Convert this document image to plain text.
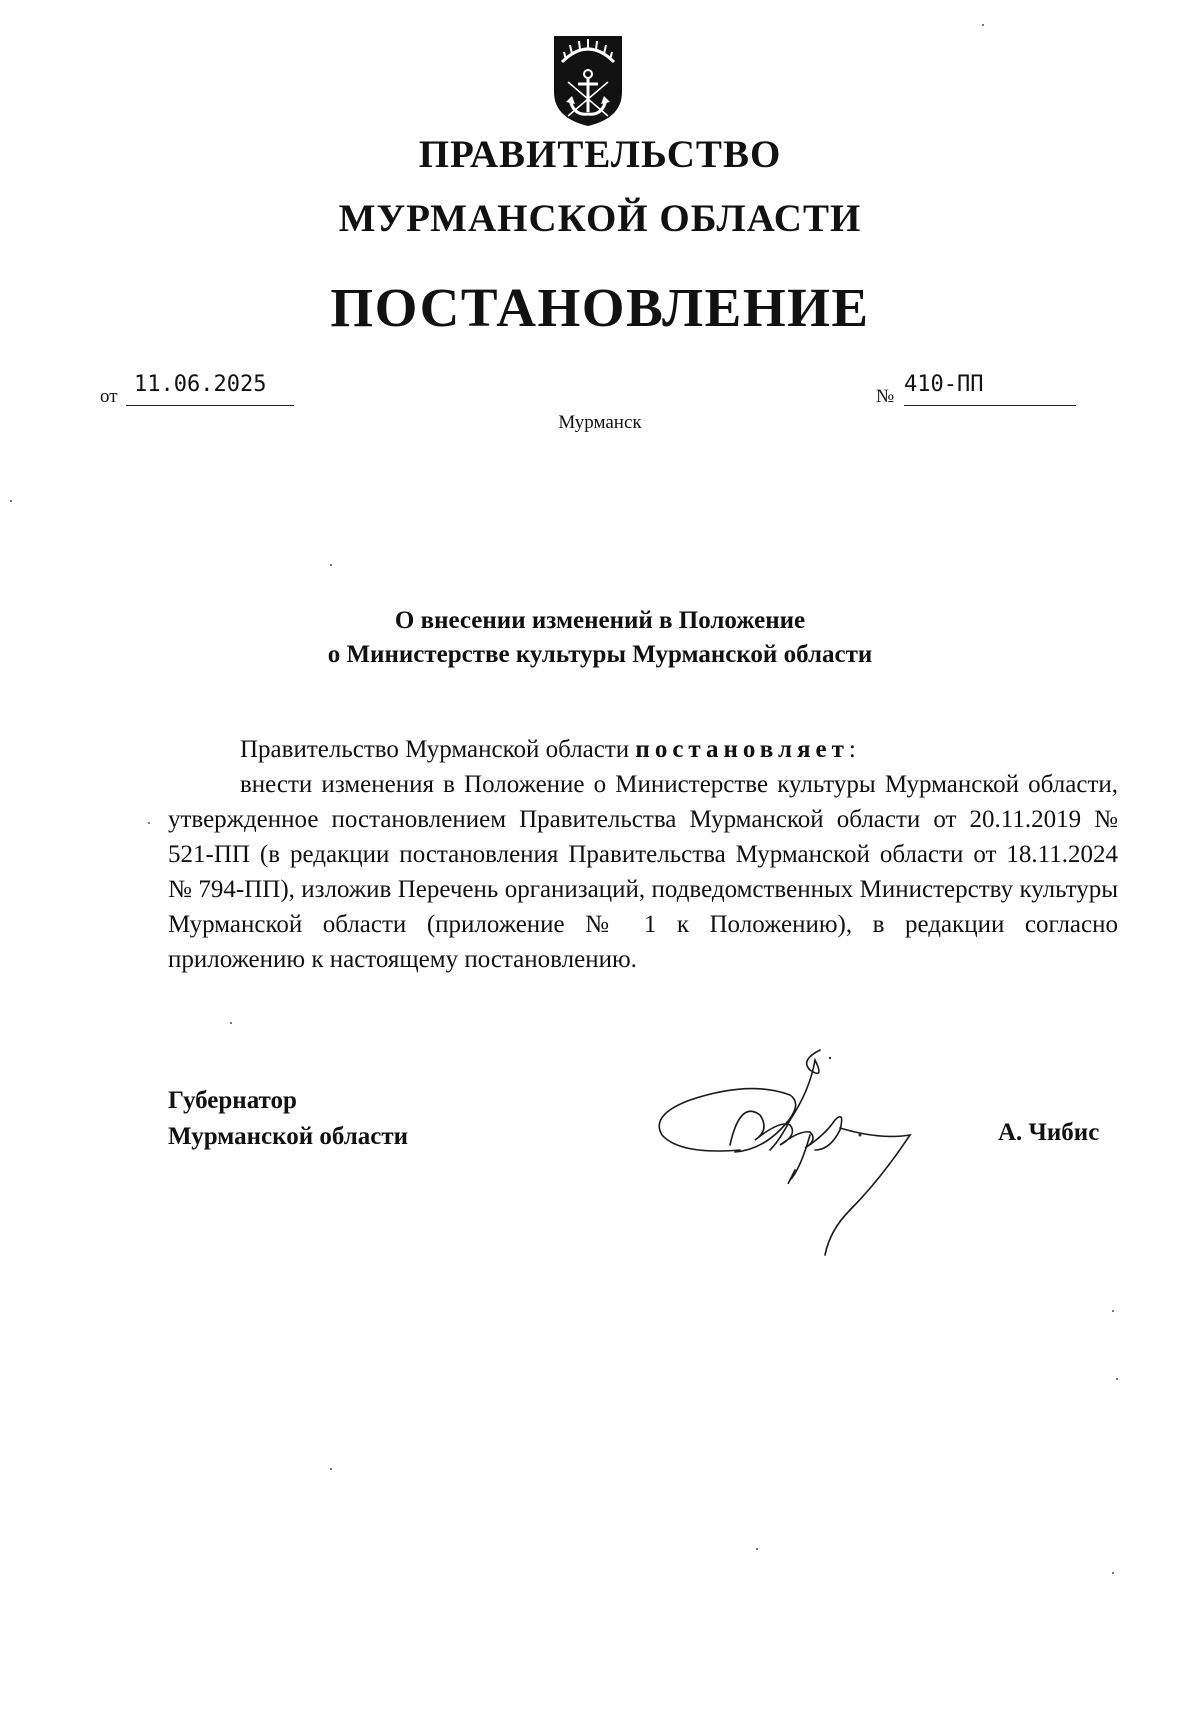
ПРАВИТЕЛЬСТВО
МУРМАНСКОЙ ОБЛАСТИ
ПОСТАНОВЛЕНИЕ
от 11.06.2025	№ 410-ПП
Мурманск
О внесении изменений в Положение
о Министерстве культуры Мурманской области

Правительство Мурманской области постановляет:

внести изменения в Положение о Министерстве культуры Мурманской области, утвержденное постановлением Правительства Мурманской области от 20.11.2019 № 521-ПП (в редакции постановления Правительства Мурманской области от 18.11.2024 № 794-ПП), изложив Перечень организаций, подведомственных Министерству культуры Мурманской области (приложение № 1 к Положению), в редакции согласно приложению к настоящему постановлению.

Губернатор
Мурманской области	А. Чибис
